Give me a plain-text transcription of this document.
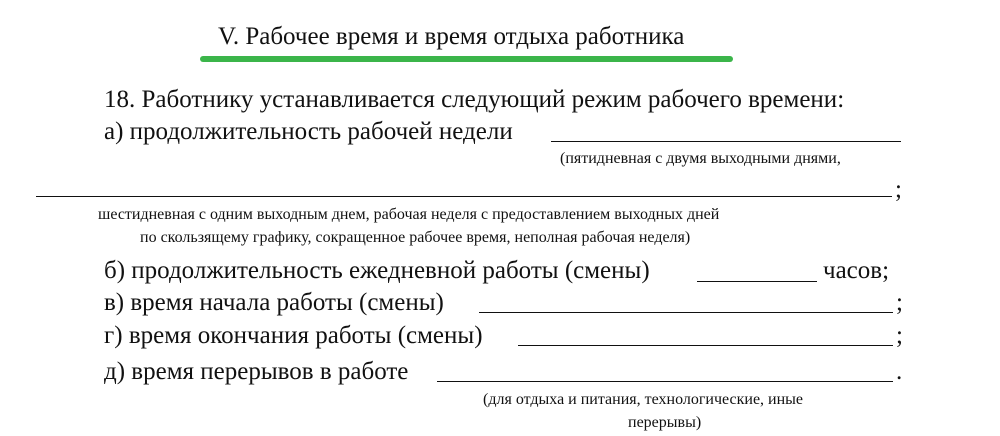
V. Рабочее время и время отдыха работника
18. Работнику устанавливается следующий режим рабочего времени:
а) продолжительность рабочей недели
(пятидневная с двумя выходными днями,
;
шестидневная с одним выходным днем, рабочая неделя с предоставлением выходных дней
по скользящему графику, сокращенное рабочее время, неполная рабочая неделя)
б) продолжительность ежедневной работы (смены)	часов;
в) время начала работы (смены)	;
г) время окончания работы (смены)	;
д) время перерывов в работе	.
(для отдыха и питания, технологические, иные
перерывы)
